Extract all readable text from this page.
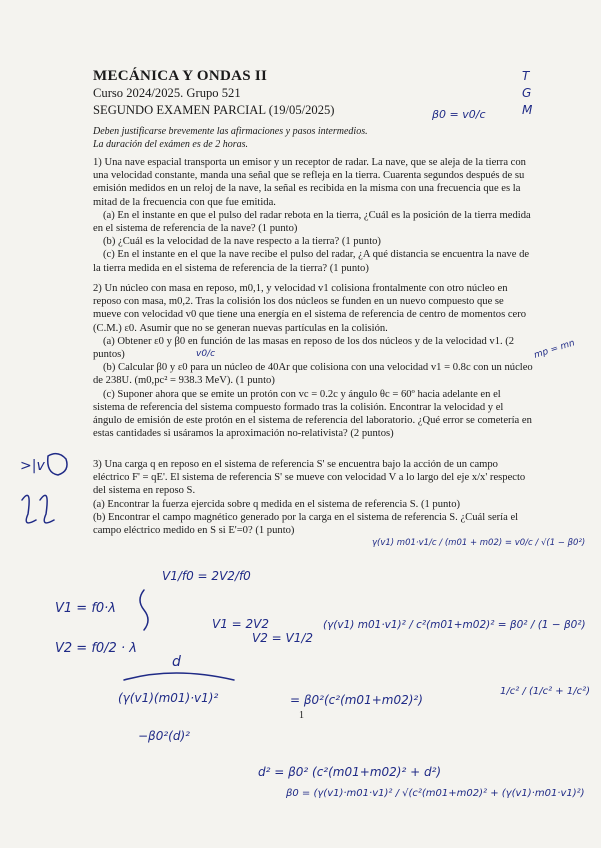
MECÁNICA Y ONDAS II
Curso 2024/2025. Grupo 521
SEGUNDO EXAMEN PARCIAL (19/05/2025)
Deben justificarse brevemente las afirmaciones y pasos intermedios.
La duración del exámen es de 2 horas.

1) Una nave espacial transporta un emisor y un receptor de radar. La nave, que se aleja de la tierra con una velocidad constante, manda una señal que se refleja en la tierra. Cuarenta segundos después de su emisión medidos en un reloj de la nave, la señal es recibida en la misma con una frecuencia que es la mitad de la frecuencia con que fue emitida.

(a) En el instante en que el pulso del radar rebota en la tierra, ¿Cuál es la posición de la tierra medida en el sistema de referencia de la nave? (1 punto)

(b) ¿Cuál es la velocidad de la nave respecto a la tierra? (1 punto)

(c) En el instante en el que la nave recibe el pulso del radar, ¿A qué distancia se encuentra la nave de la tierra medida en el sistema de referencia de la tierra? (1 punto)

2) Un núcleo con masa en reposo, m0,1, y velocidad v1 colisiona frontalmente con otro núcleo en reposo con masa, m0,2. Tras la colisión los dos núcleos se funden en un nuevo compuesto que se mueve con velocidad v0 que tiene una energía en el sistema de referencia de centro de momentos cero (C.M.) ε0. Asumir que no se generan nuevas partículas en la colisión.

(a) Obtener ε0 y β0 en función de las masas en reposo de los dos núcleos y de la velocidad v1. (2 puntos)

(b) Calcular β0 y ε0 para un núcleo de 40Ar que colisiona con una velocidad v1 = 0.8c con un núcleo de 238U. (m0,pc² = 938.3 MeV). (1 punto)

(c) Suponer ahora que se emite un protón con vc = 0.2c y ángulo θc = 60º hacia adelante en el sistema de referencia del sistema compuesto formado tras la colisión. Encontrar la velocidad y el ángulo de emisión de este protón en el sistema de referencia del laboratorio. ¿Qué error se cometería en estas cantidades si usáramos la aproximación no-relativista? (2 puntos)

3) Una carga q en reposo en el sistema de referencia S' se encuentra bajo la acción de un campo eléctrico F' = qE'. El sistema de referencia S' se mueve con velocidad V a lo largo del eje x/x' respecto del sistema en reposo S.

(a) Encontrar la fuerza ejercida sobre q medida en el sistema de referencia S. (1 punto)

(b) Encontrar el campo magnético generado por la carga en el sistema de referencia S. ¿Cuál sería el campo eléctrico medido en S si E'=0? (1 punto)

1
T
G
M
β0 = v0/c
mp = mn
v0/c
>|v
γ(v1) m01·v1/c / (m01 + m02) = v0/c / √(1 − β0²)
V1 = f0·λ
V2 = f0/2 · λ
V1/f0 = 2V2/f0
V1 = 2V2
V2 = V1/2
(γ(v1) m01·v1)² / c²(m01+m02)² = β0² / (1 − β0²)
d
(γ(v1)(m01)·v1)²
−β0²(d)²
= β0²(c²(m01+m02)²)
1/c² / (1/c² + 1/c²)
d² = β0² (c²(m01+m02)² + d²)
β0 = (γ(v1)·m01·v1)² / √(c²(m01+m02)² + (γ(v1)·m01·v1)²)
